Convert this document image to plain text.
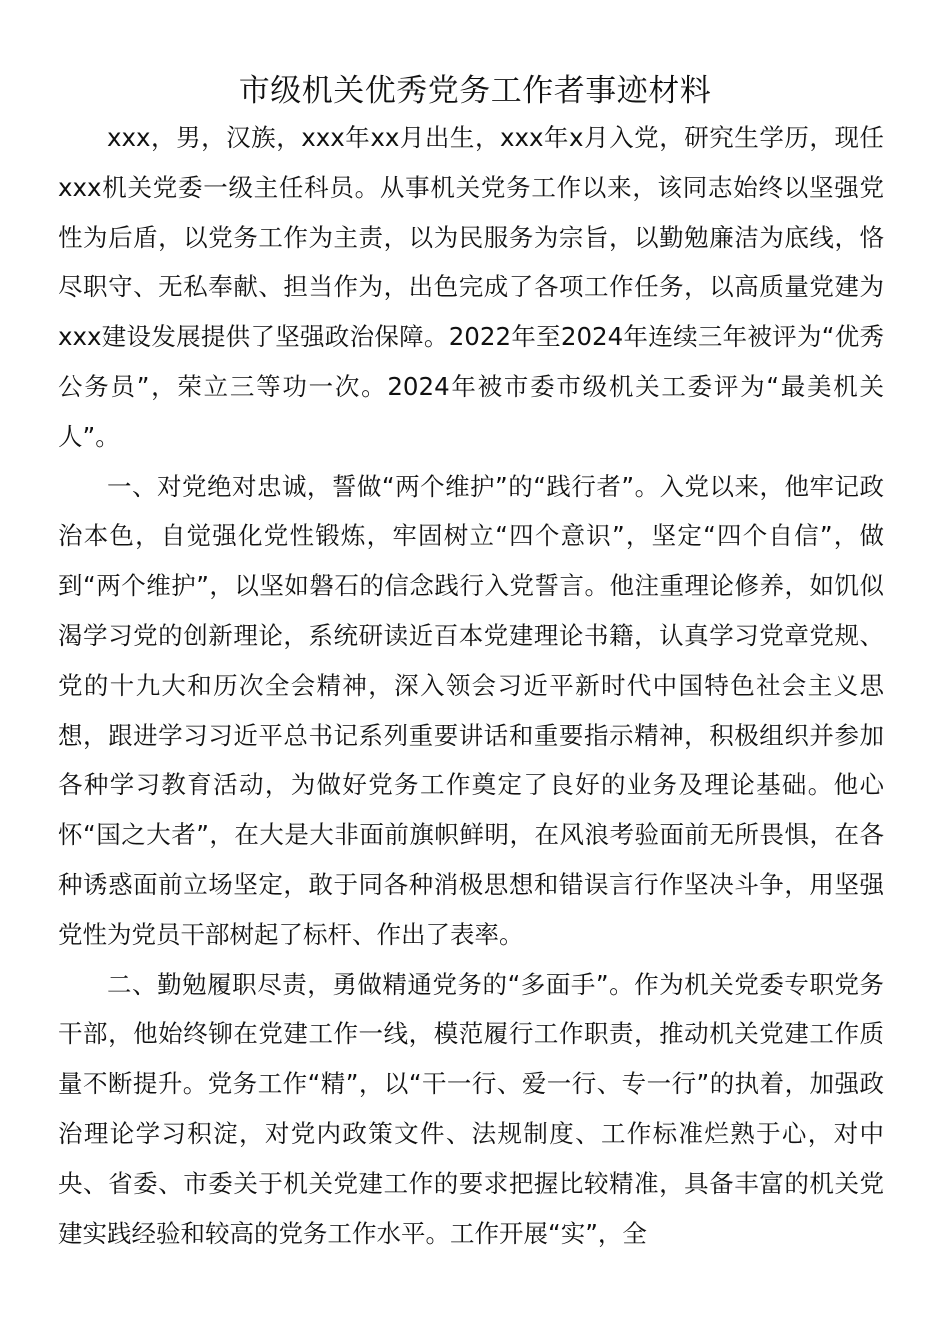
市级机关优秀党务工作者事迹材料

xxx，男，汉族，xxx年xx月出生，xxx年x月入党，研究生学历，现任xxx机关党委一级主任科员。从事机关党务工作以来，该同志始终以坚强党性为后盾，以党务工作为主责，以为民服务为宗旨，以勤勉廉洁为底线，恪尽职守、无私奉献、担当作为，出色完成了各项工作任务，以高质量党建为xxx建设发展提供了坚强政治保障。2022年至2024年连续三年被评为“优秀公务员”，荣立三等功一次。2024年被市委市级机关工委评为“最美机关人”。

一、对党绝对忠诚，誓做“两个维护”的“践行者”。入党以来，他牢记政治本色，自觉强化党性锻炼，牢固树立“四个意识”，坚定“四个自信”，做到“两个维护”，以坚如磐石的信念践行入党誓言。他注重理论修养，如饥似渴学习党的创新理论，系统研读近百本党建理论书籍，认真学习党章党规、党的十九大和历次全会精神，深入领会习近平新时代中国特色社会主义思想，跟进学习习近平总书记系列重要讲话和重要指示精神，积极组织并参加各种学习教育活动，为做好党务工作奠定了良好的业务及理论基础。他心怀“国之大者”，在大是大非面前旗帜鲜明，在风浪考验面前无所畏惧，在各种诱惑面前立场坚定，敢于同各种消极思想和错误言行作坚决斗争，用坚强党性为党员干部树起了标杆、作出了表率。

二、勤勉履职尽责，勇做精通党务的“多面手”。作为机关党委专职党务干部，他始终铆在党建工作一线，模范履行工作职责，推动机关党建工作质量不断提升。党务工作“精”，以“干一行、爱一行、专一行”的执着，加强政治理论学习积淀，对党内政策文件、法规制度、工作标准烂熟于心，对中央、省委、市委关于机关党建工作的要求把握比较精准，具备丰富的机关党建实践经验和较高的党务工作水平。工作开展“实”，全
